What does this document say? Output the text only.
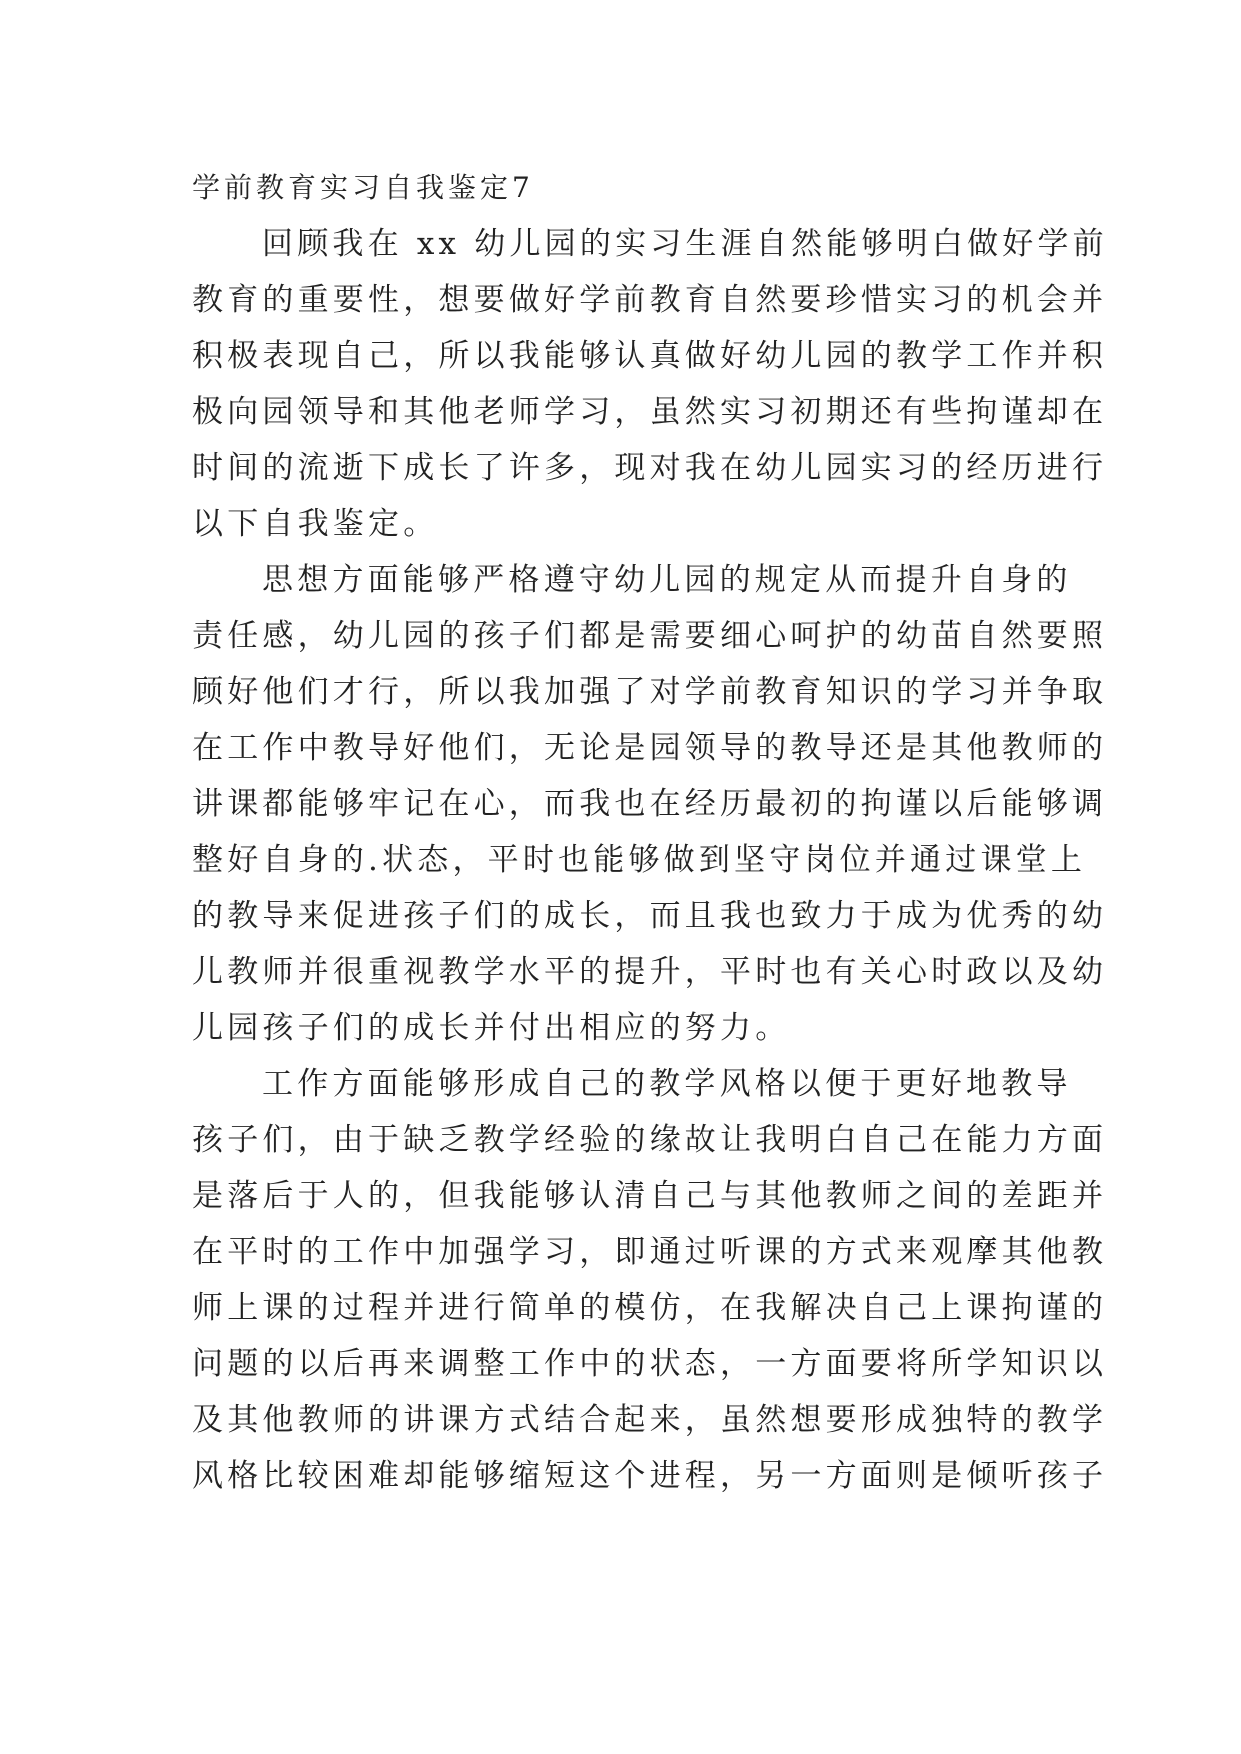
学前教育实习自我鉴定7

回顾我在 xx 幼儿园的实习生涯自然能够明白做好学前
教育的重要性，想要做好学前教育自然要珍惜实习的机会并
积极表现自己，所以我能够认真做好幼儿园的教学工作并积
极向园领导和其他老师学习，虽然实习初期还有些拘谨却在
时间的流逝下成长了许多，现对我在幼儿园实习的经历进行
以下自我鉴定。

思想方面能够严格遵守幼儿园的规定从而提升自身的
责任感，幼儿园的孩子们都是需要细心呵护的幼苗自然要照
顾好他们才行，所以我加强了对学前教育知识的学习并争取
在工作中教导好他们，无论是园领导的教导还是其他教师的
讲课都能够牢记在心，而我也在经历最初的拘谨以后能够调
整好自身的.状态，平时也能够做到坚守岗位并通过课堂上
的教导来促进孩子们的成长，而且我也致力于成为优秀的幼
儿教师并很重视教学水平的提升，平时也有关心时政以及幼
儿园孩子们的成长并付出相应的努力。

工作方面能够形成自己的教学风格以便于更好地教导
孩子们，由于缺乏教学经验的缘故让我明白自己在能力方面
是落后于人的，但我能够认清自己与其他教师之间的差距并
在平时的工作中加强学习，即通过听课的方式来观摩其他教
师上课的过程并进行简单的模仿，在我解决自己上课拘谨的
问题的以后再来调整工作中的状态，一方面要将所学知识以
及其他教师的讲课方式结合起来，虽然想要形成独特的教学
风格比较困难却能够缩短这个进程，另一方面则是倾听孩子
